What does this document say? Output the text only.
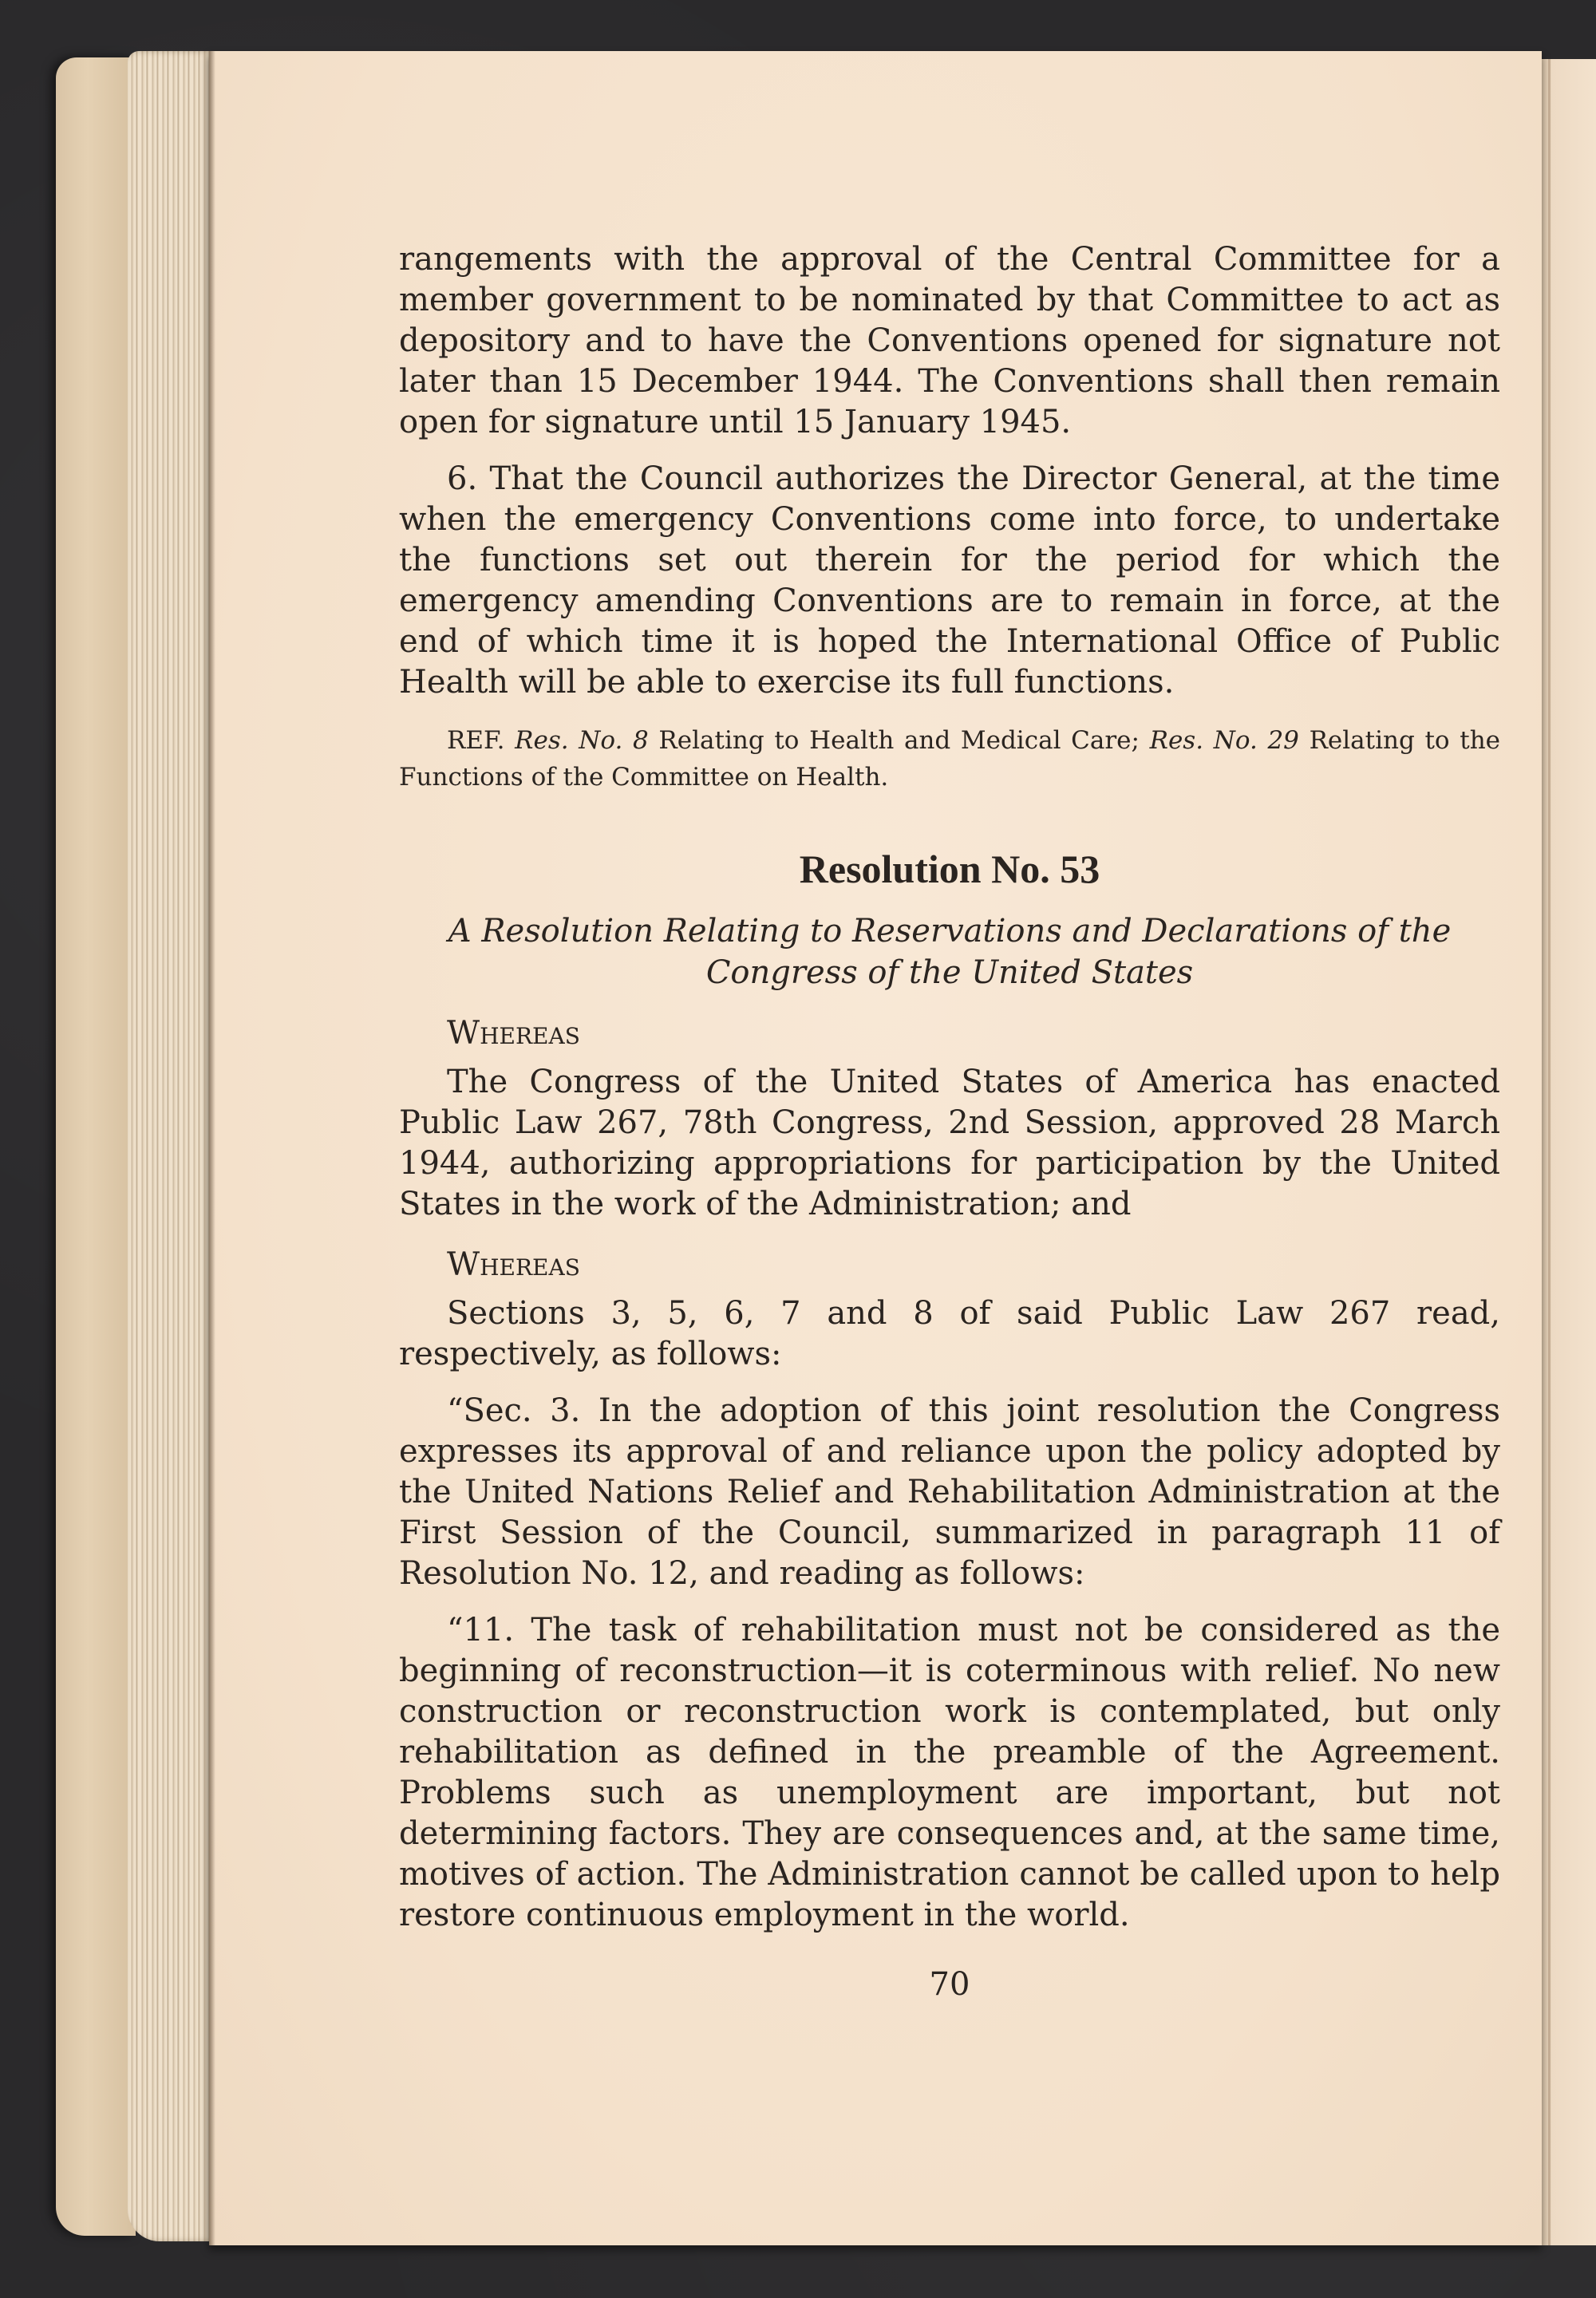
rangements with the approval of the Central Committee for a member government to be nominated by that Committee to act as depository and to have the Conventions opened for signature not later than 15 December 1944. The Conventions shall then remain open for signature until 15 January 1945.

6. That the Council authorizes the Director General, at the time when the emergency Conventions come into force, to undertake the functions set out therein for the period for which the emergency amending Conventions are to remain in force, at the end of which time it is hoped the International Office of Public Health will be able to exercise its full functions.

REF. Res. No. 8 Relating to Health and Medical Care; Res. No. 29 Relating to the Functions of the Committee on Health.

Resolution No. 53
A Resolution Relating to Reservations and Declarations of the Congress of the United States
Whereas

The Congress of the United States of America has enacted Public Law 267, 78th Congress, 2nd Session, approved 28 March 1944, authorizing appropriations for participation by the United States in the work of the Administration; and

Whereas

Sections 3, 5, 6, 7 and 8 of said Public Law 267 read, respectively, as follows:

“Sec. 3. In the adoption of this joint resolution the Congress expresses its approval of and reliance upon the policy adopted by the United Nations Relief and Rehabilitation Administration at the First Session of the Council, summarized in paragraph 11 of Resolution No. 12, and reading as follows:

“11. The task of rehabilitation must not be considered as the beginning of reconstruction—it is coterminous with relief. No new construction or reconstruction work is contemplated, but only rehabilitation as defined in the preamble of the Agreement. Problems such as unemployment are important, but not determining factors. They are consequences and, at the same time, motives of action. The Administration cannot be called upon to help restore continuous employment in the world.

70
